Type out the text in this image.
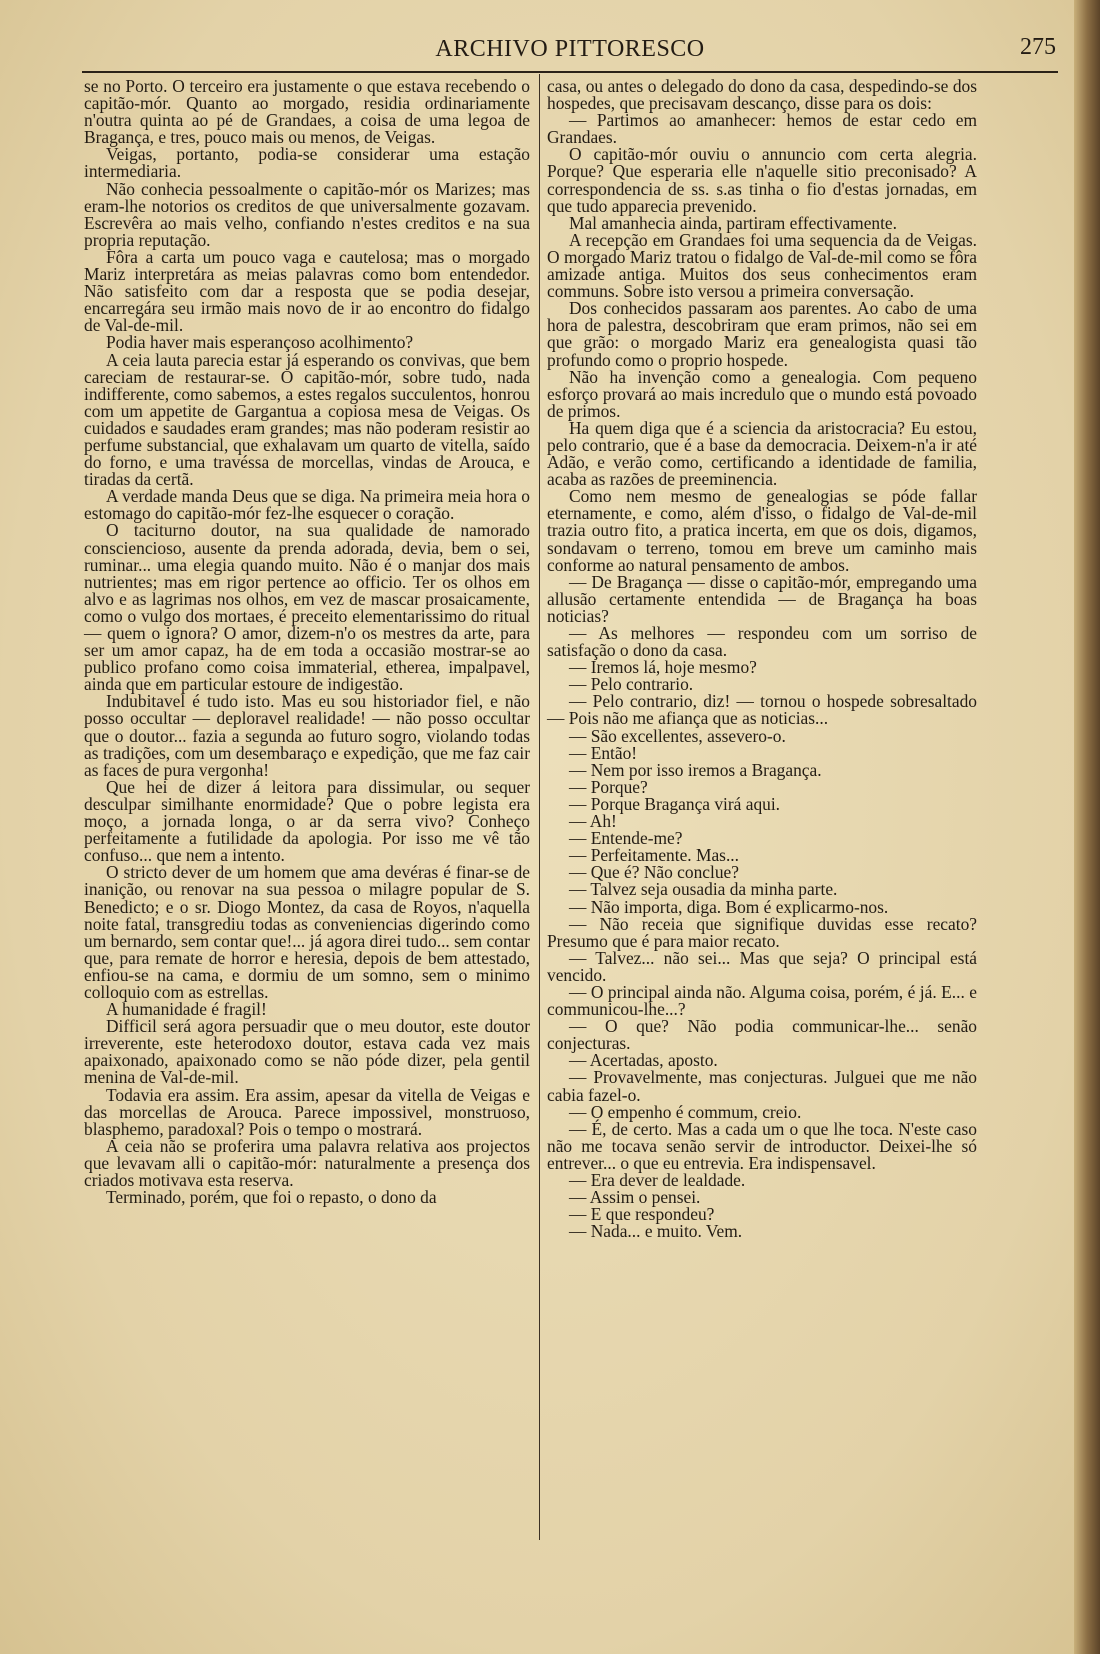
ARCHIVO PITTORESCO	275

se no Porto. O terceiro era justamente o que estava recebendo o capitão-mór. Quanto ao morgado, residia ordinariamente n'outra quinta ao pé de Grandaes, a coisa de uma legoa de Bragança, e tres, pouco mais ou menos, de Veigas.

Veigas, portanto, podia-se considerar uma estação intermediaria.

Não conhecia pessoalmente o capitão-mór os Marizes; mas eram-lhe notorios os creditos de que universalmente gozavam. Escrevêra ao mais velho, confiando n'estes creditos e na sua propria reputação.

Fôra a carta um pouco vaga e cautelosa; mas o morgado Mariz interpretára as meias palavras como bom entendedor. Não satisfeito com dar a resposta que se podia desejar, encarregára seu irmão mais novo de ir ao encontro do fidalgo de Val-de-mil.

Podia haver mais esperançoso acolhimento?

A ceia lauta parecia estar já esperando os convivas, que bem careciam de restaurar-se. O capitão-mór, sobre tudo, nada indifferente, como sabemos, a estes regalos succulentos, honrou com um appetite de Gargantua a copiosa mesa de Veigas. Os cuidados e saudades eram grandes; mas não poderam resistir ao perfume substancial, que exhalavam um quarto de vitella, saído do forno, e uma travéssa de morcellas, vindas de Arouca, e tiradas da certã.

A verdade manda Deus que se diga. Na primeira meia hora o estomago do capitão-mór fez-lhe esquecer o coração.

O taciturno doutor, na sua qualidade de namorado consciencioso, ausente da prenda adorada, devia, bem o sei, ruminar... uma elegia quando muito. Não é o manjar dos mais nutrientes; mas em rigor pertence ao officio. Ter os olhos em alvo e as lagrimas nos olhos, em vez de mascar prosaicamente, como o vulgo dos mortaes, é preceito elementarissimo do ritual — quem o ignora? O amor, dizem-n'o os mestres da arte, para ser um amor capaz, ha de em toda a occasião mostrar-se ao publico profano como coisa immaterial, etherea, impalpavel, ainda que em particular estoure de indigestão.

Indubitavel é tudo isto. Mas eu sou historiador fiel, e não posso occultar — deploravel realidade! — não posso occultar que o doutor... fazia a segunda ao futuro sogro, violando todas as tradições, com um desembaraço e expedição, que me faz cair as faces de pura vergonha!

Que hei de dizer á leitora para dissimular, ou sequer desculpar similhante enormidade? Que o pobre legista era moço, a jornada longa, o ar da serra vivo? Conheço perfeitamente a futilidade da apologia. Por isso me vê tão confuso... que nem a intento.

O stricto dever de um homem que ama devéras é finar-se de inanição, ou renovar na sua pessoa o milagre popular de S. Benedicto; e o sr. Diogo Montez, da casa de Royos, n'aquella noite fatal, transgrediu todas as conveniencias digerindo como um bernardo, sem contar que!... já agora direi tudo... sem contar que, para remate de horror e heresia, depois de bem attestado, enfiou-se na cama, e dormiu de um somno, sem o minimo colloquio com as estrellas.

A humanidade é fragil!

Difficil será agora persuadir que o meu doutor, este doutor irreverente, este heterodoxo doutor, estava cada vez mais apaixonado, apaixonado como se não póde dizer, pela gentil menina de Val-de-mil.

Todavia era assim. Era assim, apesar da vitella de Veigas e das morcellas de Arouca. Parece impossivel, monstruoso, blasphemo, paradoxal? Pois o tempo o mostrará.

A ceia não se proferira uma palavra relativa aos projectos que levavam alli o capitão-mór: naturalmente a presença dos criados motivava esta reserva.

Terminado, porém, que foi o repasto, o dono da

casa, ou antes o delegado do dono da casa, despedindo-se dos hospedes, que precisavam descanço, disse para os dois:

— Partimos ao amanhecer: hemos de estar cedo em Grandaes.

O capitão-mór ouviu o annuncio com certa alegria. Porque? Que esperaria elle n'aquelle sitio preconisado? A correspondencia de ss. s.as tinha o fio d'estas jornadas, em que tudo apparecia prevenido.

Mal amanhecia ainda, partiram effectivamente.

A recepção em Grandaes foi uma sequencia da de Veigas. O morgado Mariz tratou o fidalgo de Val-de-mil como se fôra amizade antiga. Muitos dos seus conhecimentos eram communs. Sobre isto versou a primeira conversação.

Dos conhecidos passaram aos parentes. Ao cabo de uma hora de palestra, descobriram que eram primos, não sei em que grão: o morgado Mariz era genealogista quasi tão profundo como o proprio hospede.

Não ha invenção como a genealogia. Com pequeno esforço provará ao mais incredulo que o mundo está povoado de primos.

Ha quem diga que é a sciencia da aristocracia? Eu estou, pelo contrario, que é a base da democracia. Deixem-n'a ir até Adão, e verão como, certificando a identidade de familia, acaba as razões de preeminencia.

Como nem mesmo de genealogias se póde fallar eternamente, e como, além d'isso, o fidalgo de Val-de-mil trazia outro fito, a pratica incerta, em que os dois, digamos, sondavam o terreno, tomou em breve um caminho mais conforme ao natural pensamento de ambos.

— De Bragança — disse o capitão-mór, empregando uma allusão certamente entendida — de Bragança ha boas noticias?

— As melhores — respondeu com um sorriso de satisfação o dono da casa.

— Iremos lá, hoje mesmo?

— Pelo contrario.

— Pelo contrario, diz! — tornou o hospede sobresaltado — Pois não me afiança que as noticias...

— São excellentes, assevero-o.

— Então!

— Nem por isso iremos a Bragança.

— Porque?

— Porque Bragança virá aqui.

— Ah!

— Entende-me?

— Perfeitamente. Mas...

— Que é? Não conclue?

— Talvez seja ousadia da minha parte.

— Não importa, diga. Bom é explicarmo-nos.

— Não receia que signifique duvidas esse recato? Presumo que é para maior recato.

— Talvez... não sei... Mas que seja? O principal está vencido.

— O principal ainda não. Alguma coisa, porém, é já. E... e communicou-lhe...?

— O que? Não podia communicar-lhe... senão conjecturas.

— Acertadas, aposto.

— Provavelmente, mas conjecturas. Julguei que me não cabia fazel-o.

— O empenho é commum, creio.

— É, de certo. Mas a cada um o que lhe toca. N'este caso não me tocava senão servir de introductor. Deixei-lhe só entrever... o que eu entrevia. Era indispensavel.

— Era dever de lealdade.

— Assim o pensei.

— E que respondeu?

— Nada... e muito. Vem.
